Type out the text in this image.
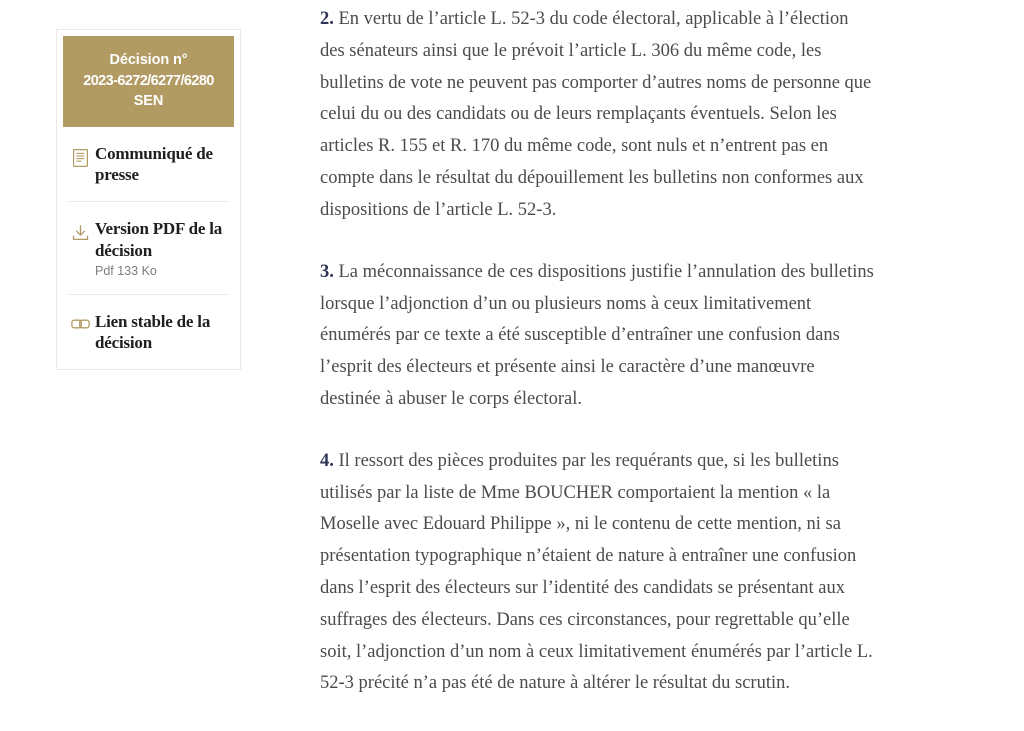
Décision n°
2023-6272/6277/6280
SEN
Communiqué de presse
Version PDF de la décision
Pdf 133 Ko
Lien stable de la décision

2. En vertu de l’article L. 52-3 du code électoral, applicable à l’élection des sénateurs ainsi que le prévoit l’article L. 306 du même code, les bulletins de vote ne peuvent pas comporter d’autres noms de personne que celui du ou des candidats ou de leurs remplaçants éventuels. Selon les articles R. 155 et R. 170 du même code, sont nuls et n’entrent pas en compte dans le résultat du dépouillement les bulletins non conformes aux dispositions de l’article L. 52-3.

3. La méconnaissance de ces dispositions justifie l’annulation des bulletins lorsque l’adjonction d’un ou plusieurs noms à ceux limitativement énumérés par ce texte a été susceptible d’entraîner une confusion dans l’esprit des électeurs et présente ainsi le caractère d’une manœuvre destinée à abuser le corps électoral.

4. Il ressort des pièces produites par les requérants que, si les bulletins utilisés par la liste de Mme BOUCHER comportaient la mention « la Moselle avec Edouard Philippe », ni le contenu de cette mention, ni sa présentation typographique n’étaient de nature à entraîner une confusion dans l’esprit des électeurs sur l’identité des candidats se présentant aux suffrages des électeurs. Dans ces circonstances, pour regrettable qu’elle soit, l’adjonction d’un nom à ceux limitativement énumérés par l’article L. 52-3 précité n’a pas été de nature à altérer le résultat du scrutin.
